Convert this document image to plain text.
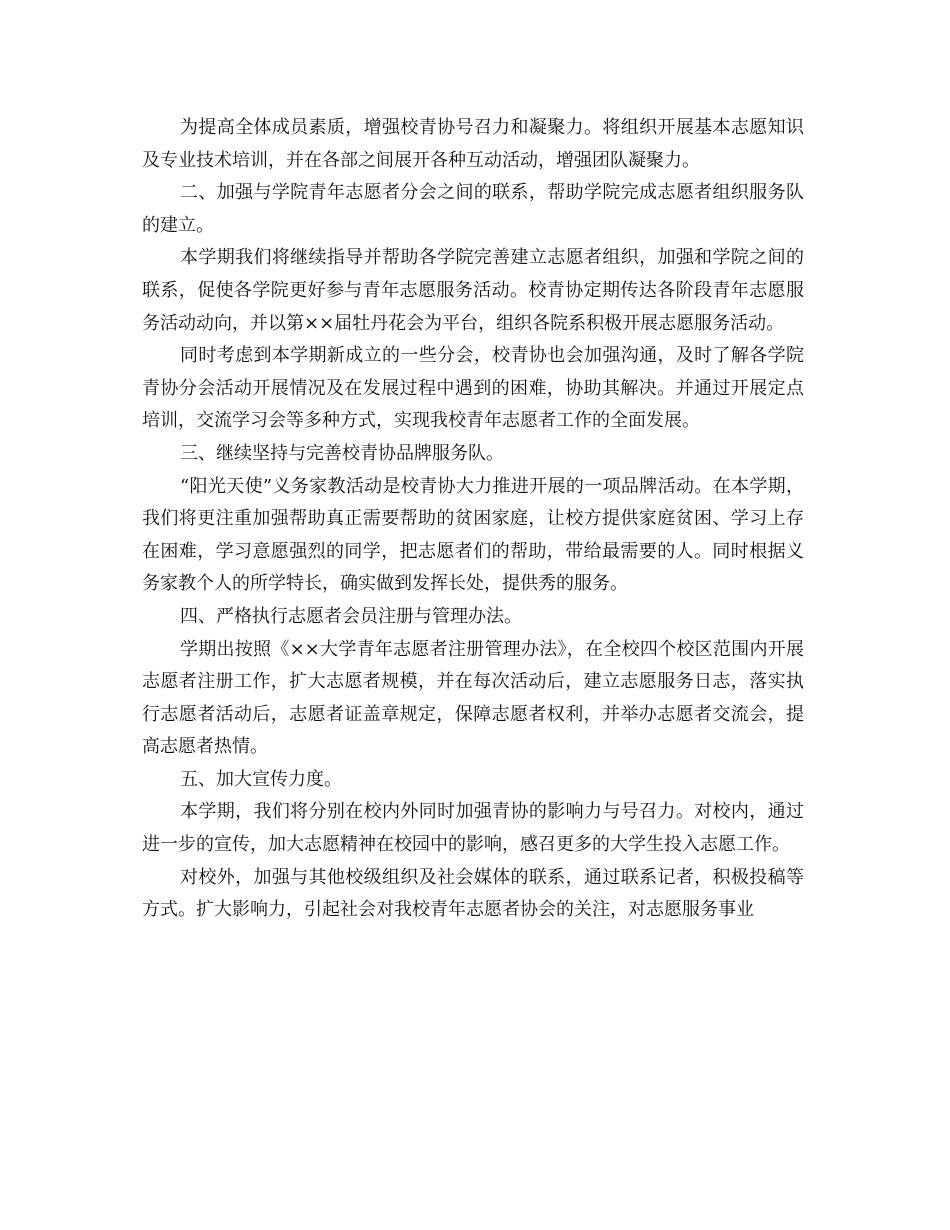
为提高全体成员素质，增强校青协号召力和凝聚力。将组织开展基本志愿知识及专业技术培训，并在各部之间展开各种互动活动，增强团队凝聚力。

二、加强与学院青年志愿者分会之间的联系，帮助学院完成志愿者组织服务队的建立。

本学期我们将继续指导并帮助各学院完善建立志愿者组织，加强和学院之间的联系，促使各学院更好参与青年志愿服务活动。校青协定期传达各阶段青年志愿服务活动动向，并以第××届牡丹花会为平台，组织各院系积极开展志愿服务活动。

同时考虑到本学期新成立的一些分会，校青协也会加强沟通，及时了解各学院青协分会活动开展情况及在发展过程中遇到的困难，协助其解决。并通过开展定点培训，交流学习会等多种方式，实现我校青年志愿者工作的全面发展。

三、继续坚持与完善校青协品牌服务队。

“阳光天使”义务家教活动是校青协大力推进开展的一项品牌活动。在本学期，我们将更注重加强帮助真正需要帮助的贫困家庭，让校方提供家庭贫困、学习上存在困难，学习意愿强烈的同学，把志愿者们的帮助，带给最需要的人。同时根据义务家教个人的所学特长，确实做到发挥长处，提供秀的服务。

四、严格执行志愿者会员注册与管理办法。

学期出按照《××大学青年志愿者注册管理办法》，在全校四个校区范围内开展志愿者注册工作，扩大志愿者规模，并在每次活动后，建立志愿服务日志，落实执行志愿者活动后，志愿者证盖章规定，保障志愿者权利，并举办志愿者交流会，提高志愿者热情。

五、加大宣传力度。

本学期，我们将分别在校内外同时加强青协的影响力与号召力。对校内，通过进一步的宣传，加大志愿精神在校园中的影响，感召更多的大学生投入志愿工作。

对校外，加强与其他校级组织及社会媒体的联系，通过联系记者，积极投稿等方式。扩大影响力，引起社会对我校青年志愿者协会的关注，对志愿服务事业
